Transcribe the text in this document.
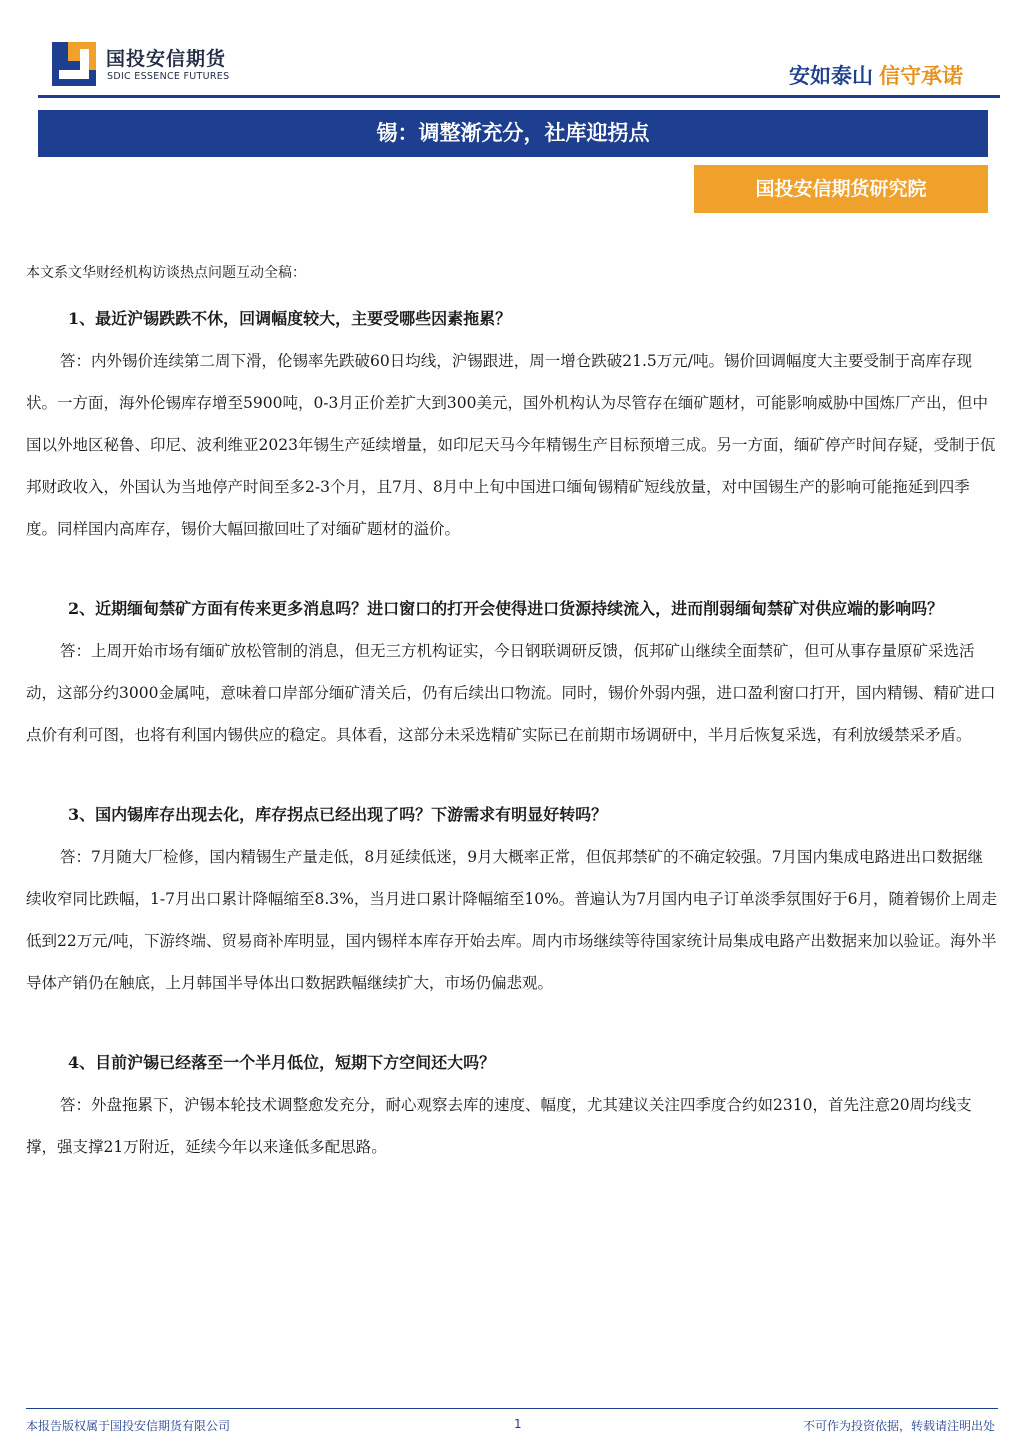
国投安信期货
SDIC ESSENCE FUTURES	安如泰山 信守承诺
锡：调整渐充分，社库迎拐点
国投安信期货研究院

本文系文华财经机构访谈热点问题互动全稿：

1、最近沪锡跌跌不休，回调幅度较大，主要受哪些因素拖累？

答：内外锡价连续第二周下滑，伦锡率先跌破60日均线，沪锡跟进，周一增仓跌破21.5万元/吨。锡价回调幅度大主要受制于高库存现状。一方面，海外伦锡库存增至5900吨，0-3月正价差扩大到300美元，国外机构认为尽管存在缅矿题材，可能影响威胁中国炼厂产出，但中国以外地区秘鲁、印尼、波利维亚2023年锡生产延续增量，如印尼天马今年精锡生产目标预增三成。另一方面，缅矿停产时间存疑，受制于佤邦财政收入，外国认为当地停产时间至多2-3个月，且7月、8月中上旬中国进口缅甸锡精矿短线放量，对中国锡生产的影响可能拖延到四季度。同样国内高库存，锡价大幅回撤回吐了对缅矿题材的溢价。

2、近期缅甸禁矿方面有传来更多消息吗？进口窗口的打开会使得进口货源持续流入，进而削弱缅甸禁矿对供应端的影响吗？

答：上周开始市场有缅矿放松管制的消息，但无三方机构证实，今日钢联调研反馈，佤邦矿山继续全面禁矿，但可从事存量原矿采选活动，这部分约3000金属吨，意味着口岸部分缅矿清关后，仍有后续出口物流。同时，锡价外弱内强，进口盈利窗口打开，国内精锡、精矿进口点价有利可图，也将有利国内锡供应的稳定。具体看，这部分未采选精矿实际已在前期市场调研中，半月后恢复采选，有利放缓禁采矛盾。

3、国内锡库存出现去化，库存拐点已经出现了吗？下游需求有明显好转吗？

答：7月随大厂检修，国内精锡生产量走低，8月延续低迷，9月大概率正常，但佤邦禁矿的不确定较强。7月国内集成电路进出口数据继续收窄同比跌幅，1-7月出口累计降幅缩至8.3%，当月进口累计降幅缩至10%。普遍认为7月国内电子订单淡季氛围好于6月，随着锡价上周走低到22万元/吨，下游终端、贸易商补库明显，国内锡样本库存开始去库。周内市场继续等待国家统计局集成电路产出数据来加以验证。海外半导体产销仍在触底，上月韩国半导体出口数据跌幅继续扩大，市场仍偏悲观。

4、目前沪锡已经落至一个半月低位，短期下方空间还大吗？

答：外盘拖累下，沪锡本轮技术调整愈发充分，耐心观察去库的速度、幅度，尤其建议关注四季度合约如2310，首先注意20周均线支撑，强支撑21万附近，延续今年以来逢低多配思路。

本报告版权属于国投安信期货有限公司	1	不可作为投资依据，转载请注明出处
